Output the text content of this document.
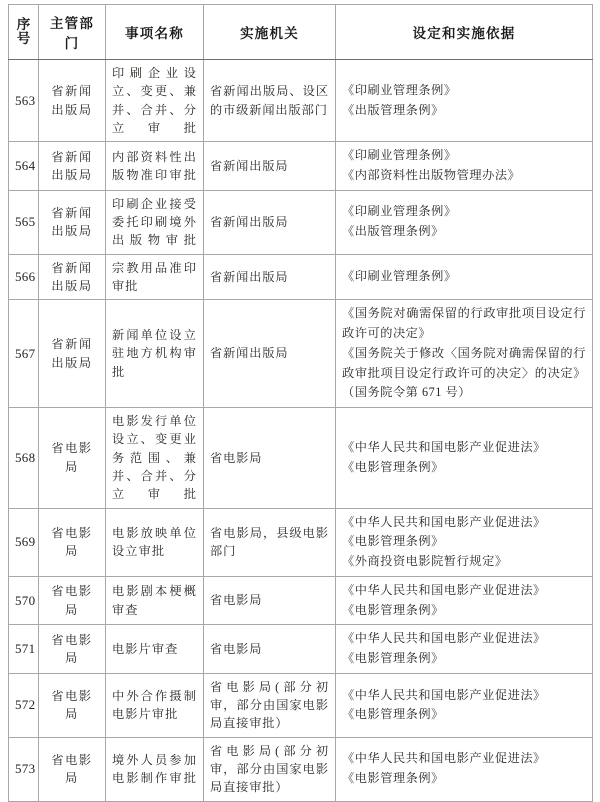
序
号	主管部门	事项名称	实施机关	设定和实施依据
563	省新闻出版局	印刷企业设立、变更、兼并、合并、分立审批	省新闻出版局、设区的市级新闻出版部门	《印刷业管理条例》
《出版管理条例》

564	省新闻出版局	内部资料性出版物准印审批	省新闻出版局	《印刷业管理条例》
《内部资料性出版物管理办法》

565	省新闻出版局	印刷企业接受委托印刷境外出版物审批	省新闻出版局	《印刷业管理条例》
《出版管理条例》

566	省新闻出版局	宗教用品准印审批	省新闻出版局	《印刷业管理条例》

567	省新闻出版局	新闻单位设立驻地方机构审批	省新闻出版局	《国务院对确需保留的行政审批项目设定行政许可的决定》
《国务院关于修改〈国务院对确需保留的行政审批项目设定行政许可的决定〉的决定》（国务院令第 671 号）

568	省电影局	电影发行单位设立、变更业务范围、兼并、合并、分立审批	省电影局	《中华人民共和国电影产业促进法》
《电影管理条例》

569	省电影局	电影放映单位设立审批	省电影局，县级电影部门	《中华人民共和国电影产业促进法》
《电影管理条例》
《外商投资电影院暂行规定》

570	省电影局	电影剧本梗概审查	省电影局	《中华人民共和国电影产业促进法》
《电影管理条例》

571	省电影局	电影片审查	省电影局	《中华人民共和国电影产业促进法》
《电影管理条例》

572	省电影局	中外合作摄制电影片审批	省电影局(部分初审，部分由国家电影局直接审批）	《中华人民共和国电影产业促进法》
《电影管理条例》

573	省电影局	境外人员参加电影制作审批	省电影局(部分初审，部分由国家电影局直接审批）	《中华人民共和国电影产业促进法》
《电影管理条例》
